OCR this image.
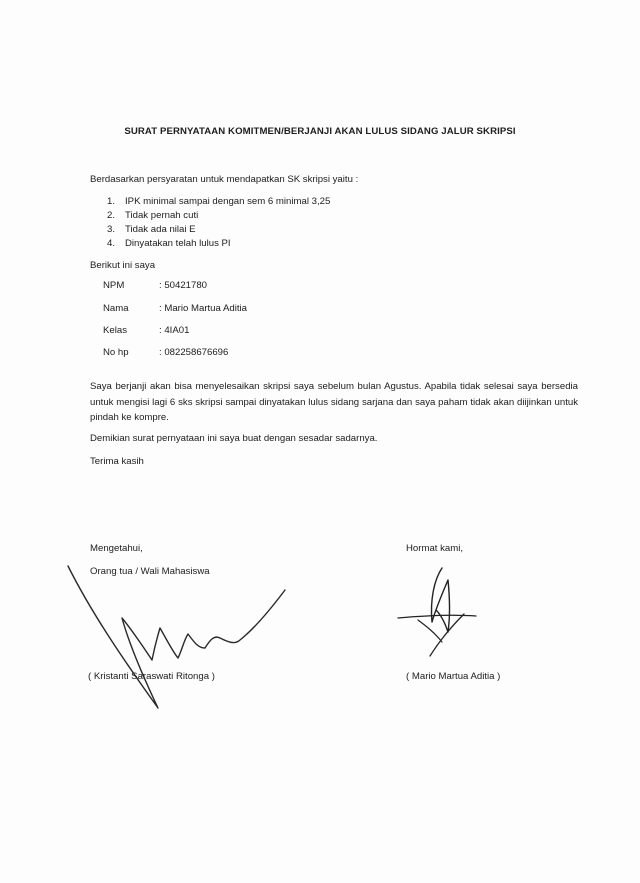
SURAT PERNYATAAN KOMITMEN/BERJANJI AKAN LULUS SIDANG JALUR SKRIPSI
Berdasarkan persyaratan untuk mendapatkan SK skripsi yaitu :
1. IPK minimal sampai dengan sem 6 minimal 3,25
2. Tidak pernah cuti
3. Tidak ada nilai E
4. Dinyatakan telah lulus PI
Berikut ini saya
NPM	: 50421780
Nama	: Mario Martua Aditia
Kelas	: 4IA01
No hp	: 082258676696

Saya berjanji akan bisa menyelesaikan skripsi saya sebelum bulan Agustus. Apabila tidak selesai saya bersedia untuk mengisi lagi 6 sks skripsi sampai dinyatakan lulus sidang sarjana dan saya paham tidak akan diijinkan untuk pindah ke kompre.

Demikian surat pernyataan ini saya buat dengan sesadar sadarnya.
Terima kasih
Mengetahui,
Orang tua / Wali Mahasiswa
Hormat kami,
( Kristanti Saraswati Ritonga )	( Mario Martua Aditia )
